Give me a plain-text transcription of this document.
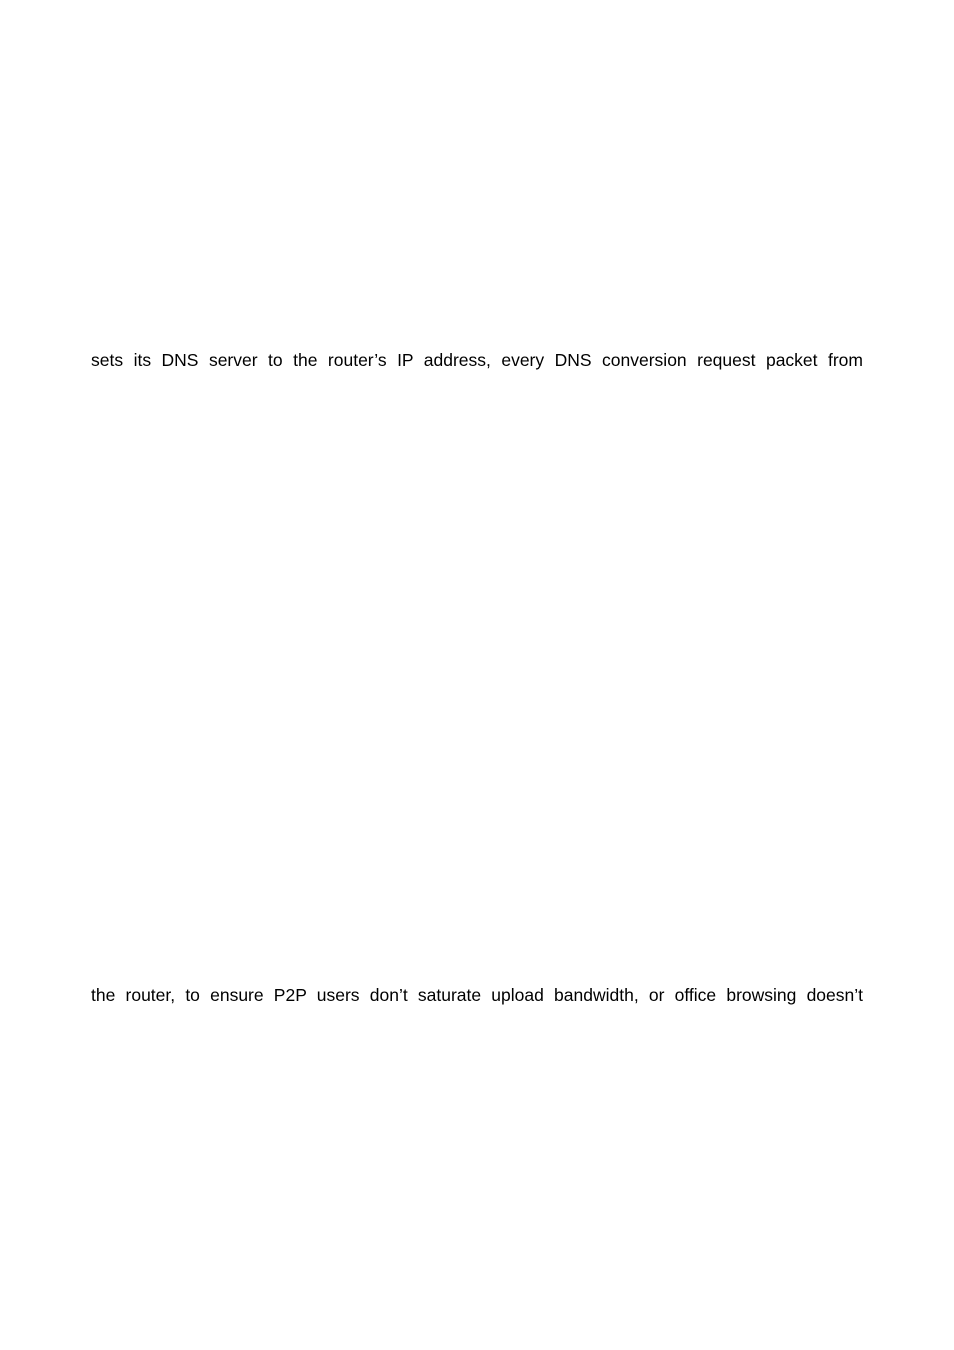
sets its DNS server to the router’s IP address, every DNS conversion request packet from
the router, to ensure P2P users don’t saturate upload bandwidth, or office browsing doesn’t
